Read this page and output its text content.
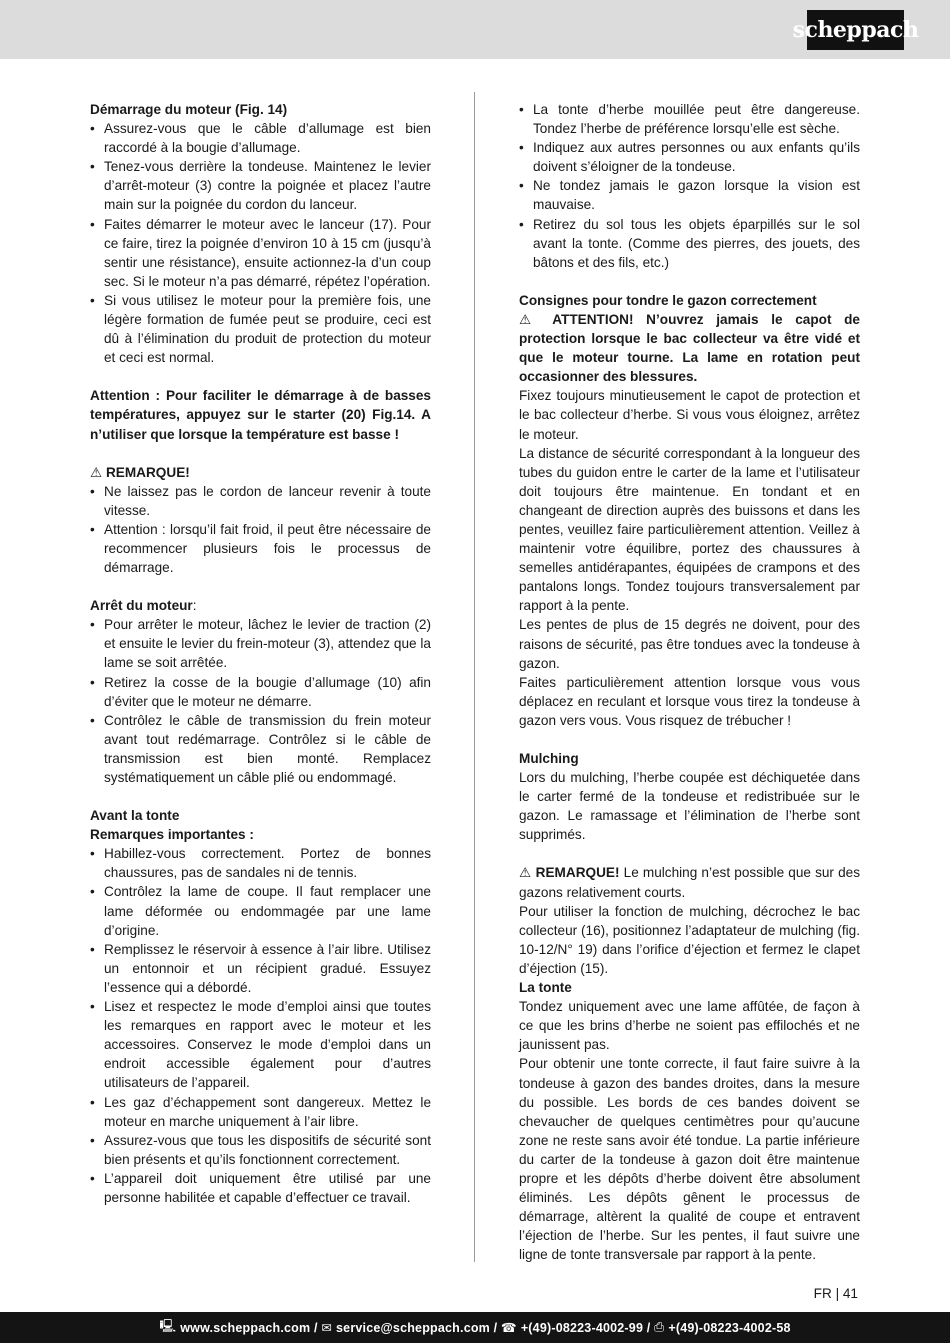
scheppach
Démarrage du moteur (Fig. 14)
• Assurez-vous que le câble d’allumage est bien raccordé à la bougie d’allumage.
• Tenez-vous derrière la tondeuse. Maintenez le levier d’arrêt-moteur (3) contre la poignée et placez l’autre main sur la poignée du cordon du lanceur.
• Faites démarrer le moteur avec le lanceur (17). Pour ce faire, tirez la poignée d’environ 10 à 15 cm (jusqu’à sentir une résistance), ensuite actionnez-la d’un coup sec. Si le moteur n’a pas démarré, répétez l’opération.
• Si vous utilisez le moteur pour la première fois, une légère formation de fumée peut se produire, ceci est dû à l’élimination du produit de protection du moteur et ceci est normal.

Attention : Pour faciliter le démarrage à de basses températures, appuyez sur le starter (20) Fig.14. A n’utiliser que lorsque la température est basse !

⚠ REMARQUE!
• Ne laissez pas le cordon de lanceur revenir à toute vitesse.
• Attention : lorsqu’il fait froid, il peut être nécessaire de recommencer plusieurs fois le processus de démarrage.

Arrêt du moteur:

• Pour arrêter le moteur, lâchez le levier de traction (2) et ensuite le levier du frein-moteur (3), attendez que la lame se soit arrêtée.
• Retirez la cosse de la bougie d’allumage (10) afin d’éviter que le moteur ne démarre.
• Contrôlez le câble de transmission du frein moteur avant tout redémarrage. Contrôlez si le câble de transmission est bien monté. Remplacez systématiquement un câble plié ou endommagé.
Avant la tonte
Remarques importantes :
• Habillez-vous correctement. Portez de bonnes chaussures, pas de sandales ni de tennis.
• Contrôlez la lame de coupe. Il faut remplacer une lame déformée ou endommagée par une lame d’origine.
• Remplissez le réservoir à essence à l’air libre. Utilisez un entonnoir et un récipient gradué. Essuyez l’essence qui a débordé.
• Lisez et respectez le mode d’emploi ainsi que toutes les remarques en rapport avec le moteur et les accessoires. Conservez le mode d’emploi dans un endroit accessible également pour d’autres utilisateurs de l’appareil.
• Les gaz d’échappement sont dangereux. Mettez le moteur en marche uniquement à l’air libre.
• Assurez-vous que tous les dispositifs de sécurité sont bien présents et qu’ils fonctionnent correctement.
• L’appareil doit uniquement être utilisé par une personne habilitée et capable d’effectuer ce travail.
• La tonte d’herbe mouillée peut être dangereuse. Tondez l’herbe de préférence lorsqu’elle est sèche.
• Indiquez aux autres personnes ou aux enfants qu’ils doivent s’éloigner de la tondeuse.
• Ne tondez jamais le gazon lorsque la vision est mauvaise.
• Retirez du sol tous les objets éparpillés sur le sol avant la tonte. (Comme des pierres, des jouets, des bâtons et des fils, etc.)
Consignes pour tondre le gazon correctement

⚠ ATTENTION! N’ouvrez jamais le capot de protection lorsque le bac collecteur va être vidé et que le moteur tourne. La lame en rotation peut occasionner des blessures.

Fixez toujours minutieusement le capot de protection et le bac collecteur d’herbe. Si vous vous éloignez, arrêtez le moteur.

La distance de sécurité correspondant à la longueur des tubes du guidon entre le carter de la lame et l’utilisateur doit toujours être maintenue. En tondant et en changeant de direction auprès des buissons et dans les pentes, veuillez faire particulièrement attention. Veillez à maintenir votre équilibre, portez des chaussures à semelles antidérapantes, équipées de crampons et des pantalons longs. Tondez toujours transversalement par rapport à la pente.

Les pentes de plus de 15 degrés ne doivent, pour des raisons de sécurité, pas être tondues avec la tondeuse à gazon.

Faites particulièrement attention lorsque vous vous déplacez en reculant et lorsque vous tirez la tondeuse à gazon vers vous. Vous risquez de trébucher !

Mulching

Lors du mulching, l’herbe coupée est déchiquetée dans le carter fermé de la tondeuse et redistribuée sur le gazon. Le ramassage et l’élimination de l’herbe sont supprimés.

⚠ REMARQUE! Le mulching n’est possible que sur des gazons relativement courts.

Pour utiliser la fonction de mulching, décrochez le bac collecteur (16), positionnez l’adaptateur de mulching (fig. 10-12/N° 19) dans l’orifice d’éjection et fermez le clapet d’éjection (15).

La tonte

Tondez uniquement avec une lame affûtée, de façon à ce que les brins d’herbe ne soient pas effilochés et ne jaunissent pas.

Pour obtenir une tonte correcte, il faut faire suivre à la tondeuse à gazon des bandes droites, dans la mesure du possible. Les bords de ces bandes doivent se chevaucher de quelques centimètres pour qu’aucune zone ne reste sans avoir été tondue. La partie inférieure du carter de la tondeuse à gazon doit être maintenue propre et les dépôts d’herbe doivent être absolument éliminés. Les dépôts gênent le processus de démarrage, altèrent la qualité de coupe et entravent l’éjection de l’herbe. Sur les pentes, il faut suivre une ligne de tonte transversale par rapport à la pente.

FR | 41
🖳 www.scheppach.com /
✉ service@scheppach.com /
☎ +(49)-08223-4002-99 /
⎙ +(49)-08223-4002-58
